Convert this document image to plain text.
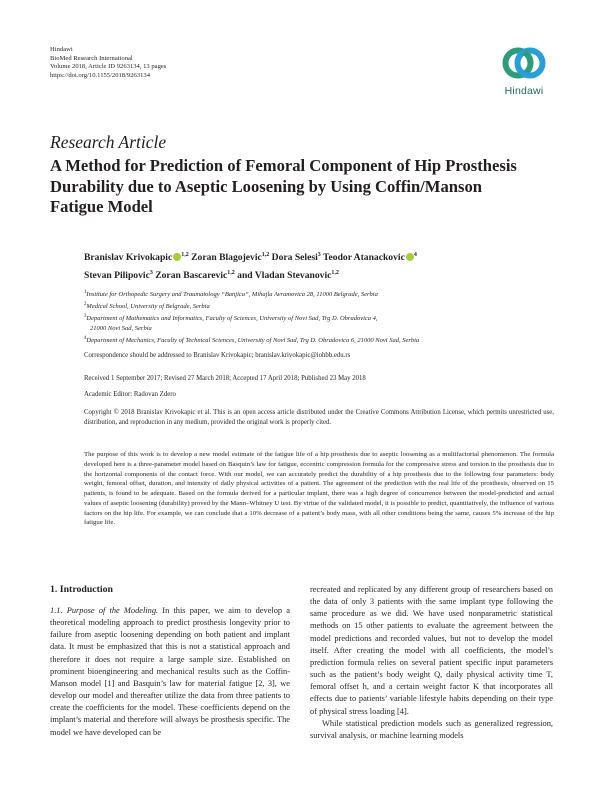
Hindawi
BioMed Research International
Volume 2018, Article ID 9263134, 13 pages
https://doi.org/10.1155/2018/9263134
Hindawi
Research Article
A Method for Prediction of Femoral Component of Hip Prosthesis Durability due to Aseptic Loosening by Using Coffin/Manson Fatigue Model
Branislav Krivokapic $^{1,2}$ Zoran Blagojevic$^{1,2}$ Dora Selesi$^3$ Teodor Atanackovic $^4$
Stevan Pilipovic$^3$ Zoran Bascarevic$^{1,2}$ and Vladan Stevanovic$^{1,2}$
$^1$Institute for Orthopedic Surgery and Traumatology “Banjica”, Mihajla Avramovica 28, 11000 Belgrade, Serbia
$^2$Medical School, University of Belgrade, Serbia
$^3$Department of Mathematics and Informatics, Faculty of Sciences, University of Novi Sad, Trg D. Obradovica 4,
21000 Novi Sad, Serbia
$^4$Department of Mechanics, Faculty of Technical Sciences, University of Novi Sad, Trg D. Obradovica 6, 21000 Novi Sad, Serbia
Correspondence should be addressed to Branislav Krivokapic; branislav.krivokapic@iohbb.edu.rs
Received 1 September 2017; Revised 27 March 2018; Accepted 17 April 2018; Published 23 May 2018
Academic Editor: Radovan Zdero

Copyright © 2018 Branislav Krivokapic et al. This is an open access article distributed under the Creative Commons Attribution License, which permits unrestricted use, distribution, and reproduction in any medium, provided the original work is properly cited.

The purpose of this work is to develop a new model estimate of the fatigue life of a hip prosthesis due to aseptic loosening as a multifactorial phenomenon. The formula developed here is a three-parameter model based on Basquin’s law for fatigue, eccentric compression formula for the compressive stress and torsion in the prosthesis due to the horizontal components of the contact force. With our model, we can accurately predict the durability of a hip prosthesis due to the following four parameters: body weight, femoral offset, duration, and intensity of daily physical activities of a patient. The agreement of the prediction with the real life of the prosthesis, observed on 15 patients, is found to be adequate. Based on the formula derived for a particular implant, there was a high degree of concurrence between the model-predicted and actual values of aseptic loosening (durability) proved by the Mann–Whitney U test. By virtue of the validated model, it is possible to predict, quantitatively, the influence of various factors on the hip life. For example, we can conclude that a 10% decrease of a patient’s body mass, with all other conditions being the same, causes 5% increase of the hip fatigue life.

1. Introduction

1.1. Purpose of the Modeling. In this paper, we aim to develop a theoretical modeling approach to predict prosthesis longevity prior to failure from aseptic loosening depending on both patient and implant data. It must be emphasized that this is not a statistical approach and therefore it does not require a large sample size. Established on prominent bioengineering and mechanical results such as the Coffin-Manson model [1] and Basquin’s law for material fatigue [2, 3], we develop our model and thereafter utilize the data from three patients to create the coefficients for the model. These coefficients depend on the implant’s material and therefore will always be prosthesis specific. The model we have developed can be

recreated and replicated by any different group of researchers based on the data of only 3 patients with the same implant type following the same procedure as we did. We have used nonparametric statistical methods on 15 other patients to evaluate the agreement between the model predictions and recorded values, but not to develop the model itself. After creating the model with all coefficients, the model’s prediction formula relies on several patient specific input parameters such as the patient’s body weight Q, daily physical activity time T, femoral offset h, and a certain weight factor K that incorporates all effects due to patients’ variable lifestyle habits depending on their type of physical stress loading [4].

While statistical prediction models such as generalized regression, survival analysis, or machine learning models
